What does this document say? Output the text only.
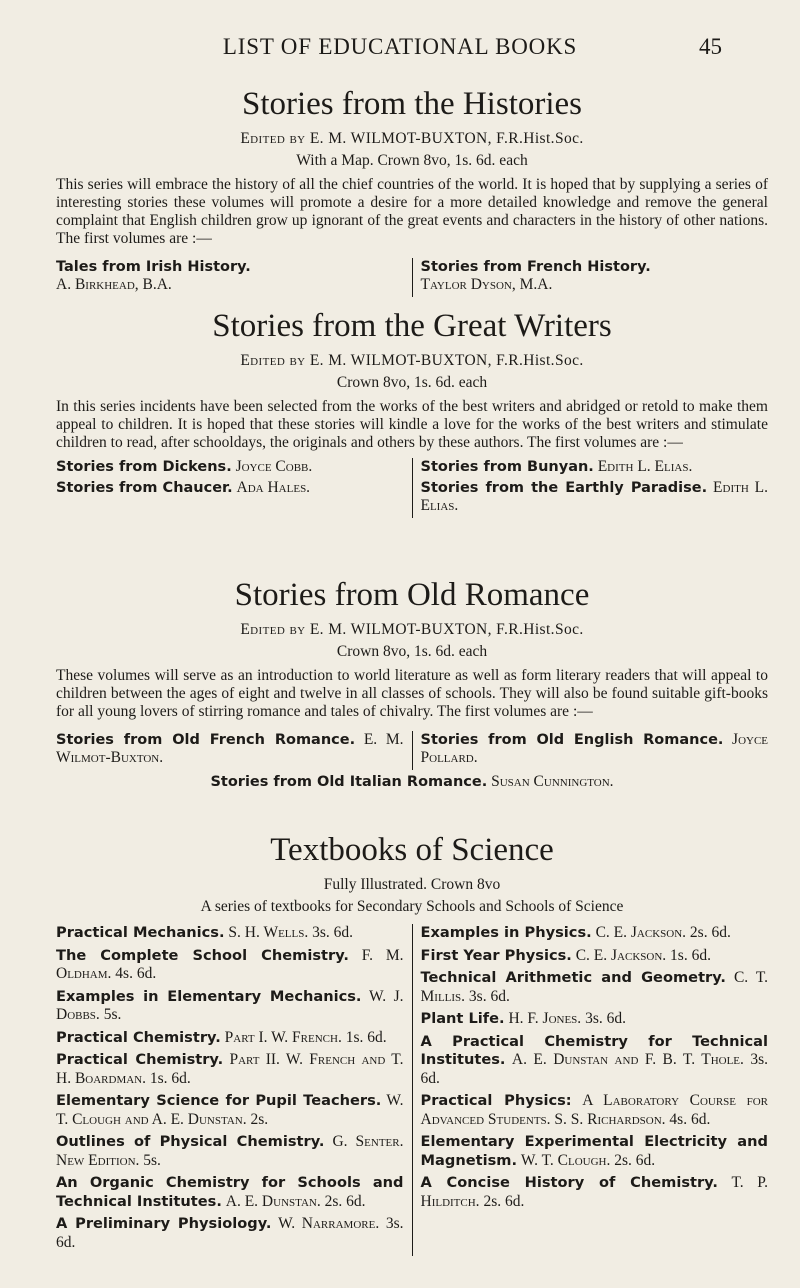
LIST OF EDUCATIONAL BOOKS	45
Stories from the Histories
Edited by E. M. WILMOT-BUXTON, F.R.Hist.Soc.
With a Map. Crown 8vo, 1s. 6d. each
This series will embrace the history of all the chief countries of the world. It is hoped that by supplying a series of interesting stories these volumes will promote a desire for a more detailed knowledge and remove the general complaint that English children grow up ignorant of the great events and characters in the history of other nations. The first volumes are :—
Tales from Irish History.
A. Birkhead, B.A.
Stories from French History.
Taylor Dyson, M.A.
Stories from the Great Writers
Edited by E. M. WILMOT-BUXTON, F.R.Hist.Soc.
Crown 8vo, 1s. 6d. each
In this series incidents have been selected from the works of the best writers and abridged or retold to make them appeal to children. It is hoped that these stories will kindle a love for the works of the best writers and stimulate children to read, after schooldays, the originals and others by these authors. The first volumes are :—
Stories from Dickens. Joyce Cobb.
Stories from Chaucer. Ada Hales.
Stories from Bunyan. Edith L. Elias.
Stories from the Earthly Paradise. Edith L. Elias.
Stories from Old Romance
Edited by E. M. WILMOT-BUXTON, F.R.Hist.Soc.
Crown 8vo, 1s. 6d. each
These volumes will serve as an introduction to world literature as well as form literary readers that will appeal to children between the ages of eight and twelve in all classes of schools. They will also be found suitable gift-books for all young lovers of stirring romance and tales of chivalry. The first volumes are :—
Stories from Old French Romance. E. M. Wilmot-Buxton.
Stories from Old English Romance. Joyce Pollard.
Stories from Old Italian Romance. Susan Cunnington.
Textbooks of Science
Fully Illustrated. Crown 8vo
A series of textbooks for Secondary Schools and Schools of Science
Practical Mechanics. S. H. Wells. 3s. 6d.
The Complete School Chemistry. F. M. Oldham. 4s. 6d.
Examples in Elementary Mechanics. W. J. Dobbs. 5s.
Practical Chemistry. Part I. W. French. 1s. 6d.
Practical Chemistry. Part II. W. French and T. H. Boardman. 1s. 6d.
Elementary Science for Pupil Teachers. W. T. Clough and A. E. Dunstan. 2s.
Outlines of Physical Chemistry. G. Senter. New Edition. 5s.
An Organic Chemistry for Schools and Technical Institutes. A. E. Dunstan. 2s. 6d.
A Preliminary Physiology. W. Narramore. 3s. 6d.
Examples in Physics. C. E. Jackson. 2s. 6d.
First Year Physics. C. E. Jackson. 1s. 6d.
Technical Arithmetic and Geometry. C. T. Millis. 3s. 6d.
Plant Life. H. F. Jones. 3s. 6d.
A Practical Chemistry for Technical Institutes. A. E. Dunstan and F. B. T. Thole. 3s. 6d.
Practical Physics: A Laboratory Course for Advanced Students. S. S. Richardson. 4s. 6d.
Elementary Experimental Electricity and Magnetism. W. T. Clough. 2s. 6d.
A Concise History of Chemistry. T. P. Hilditch. 2s. 6d.
